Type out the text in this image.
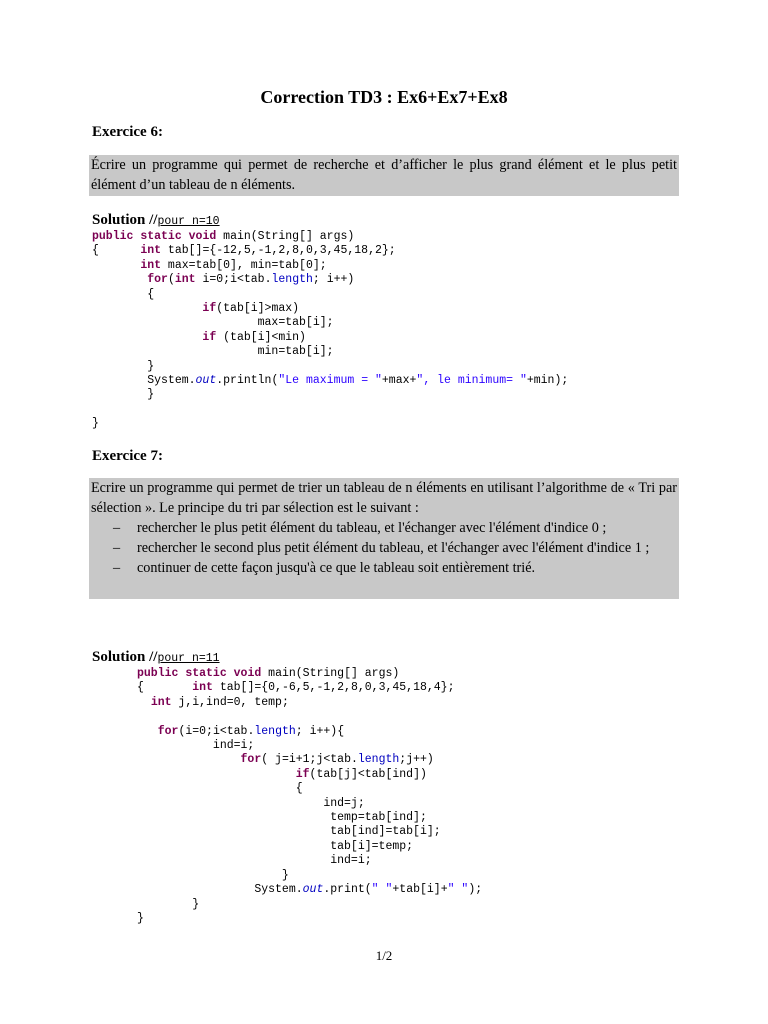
Correction TD3 : Ex6+Ex7+Ex8
Exercice 6:

Écrire un programme qui permet de recherche et d’afficher le plus grand élément et le plus petit élément d’un tableau de n éléments.

Solution //pour n=10
public static void main(String[] args)
{      int tab[]={-12,5,-1,2,8,0,3,45,18,2};
int max=tab[0], min=tab[0];
for(int i=0;i<tab.length; i++)
{
if(tab[i]>max)
max=tab[i];
if (tab[i]<min)
min=tab[i];
}
System.out.println("Le maximum = "+max+", le minimum= "+min);
}

}
Exercice 7:

Ecrire un programme qui permet de trier un tableau de n éléments en utilisant l’algorithme de « Tri par sélection ». Le principe du tri par sélection est le suivant :

– rechercher le plus petit élément du tableau, et l'échanger avec l'élément d'indice 0 ;
– rechercher le second plus petit élément du tableau, et l'échanger avec l'élément d'indice 1 ;
– continuer de cette façon jusqu'à ce que le tableau soit entièrement trié.
Solution //pour n=11
public static void main(String[] args)
{       int tab[]={0,-6,5,-1,2,8,0,3,45,18,4};
int j,i,ind=0, temp;

for(i=0;i<tab.length; i++){
ind=i;
for( j=i+1;j<tab.length;j++)
if(tab[j]<tab[ind])
{
ind=j;
temp=tab[ind];
tab[ind]=tab[i];
tab[i]=temp;
ind=i;
}
System.out.print(" "+tab[i]+" ");
}
}
1/2
